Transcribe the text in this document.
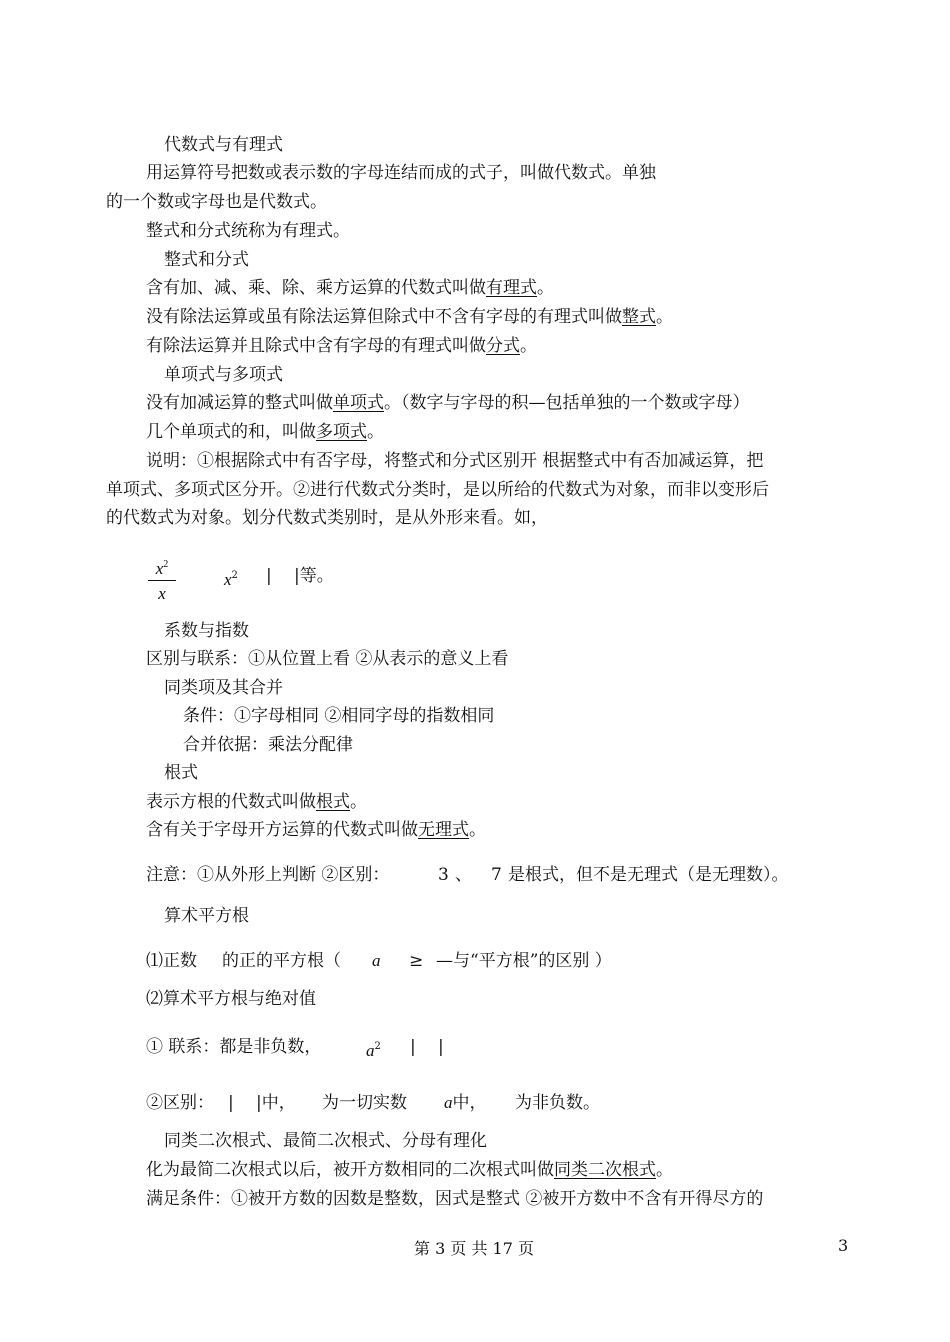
代数式与有理式
用运算符号把数或表示数的字母连结而成的式子，叫做代数式。单独
的一个数或字母也是代数式。
整式和分式统称为有理式。
整式和分式
含有加、减、乘、除、乘方运算的代数式叫做有理式。
没有除法运算或虽有除法运算但除式中不含有字母的有理式叫做整式。
有除法运算并且除式中含有字母的有理式叫做分式。
单项式与多项式
没有加减运算的整式叫做单项式。（数字与字母的积—包括单独的一个数或字母）
几个单项式的和，叫做多项式。
说明：①根据除式中有否字母，将整式和分式区别开 根据整式中有否加减运算，把
单项式、多项式区分开。②进行代数式分类时，是以所给的代数式为对象，而非以变形后
的代数式为对象。划分代数式类别时，是从外形来看。如，
$x^2$
x
$x^2$ | |等。
系数与指数
区别与联系：①从位置上看 ②从表示的意义上看
同类项及其合并
条件：①字母相同 ②相同字母的指数相同
合并依据：乘法分配律
根式
表示方根的代数式叫做根式。
含有关于字母开方运算的代数式叫做无理式。
注意：①从外形上判断 ②区别：	3 、 7 是根式，但不是无理式（是无理数）。
算术平方根
⑴正数 的正的平方根（ a ≥ —与“平方根”的区别 ）
⑵算术平方根与绝对值
① 联系：都是非负数，	$a^2$ | |
②区别： | |中， 为一切实数 a中， 为非负数。
同类二次根式、最简二次根式、分母有理化
化为最简二次根式以后，被开方数相同的二次根式叫做同类二次根式。
满足条件：①被开方数的因数是整数，因式是整式 ②被开方数中不含有开得尽方的
第 3 页 共 17 页	3
